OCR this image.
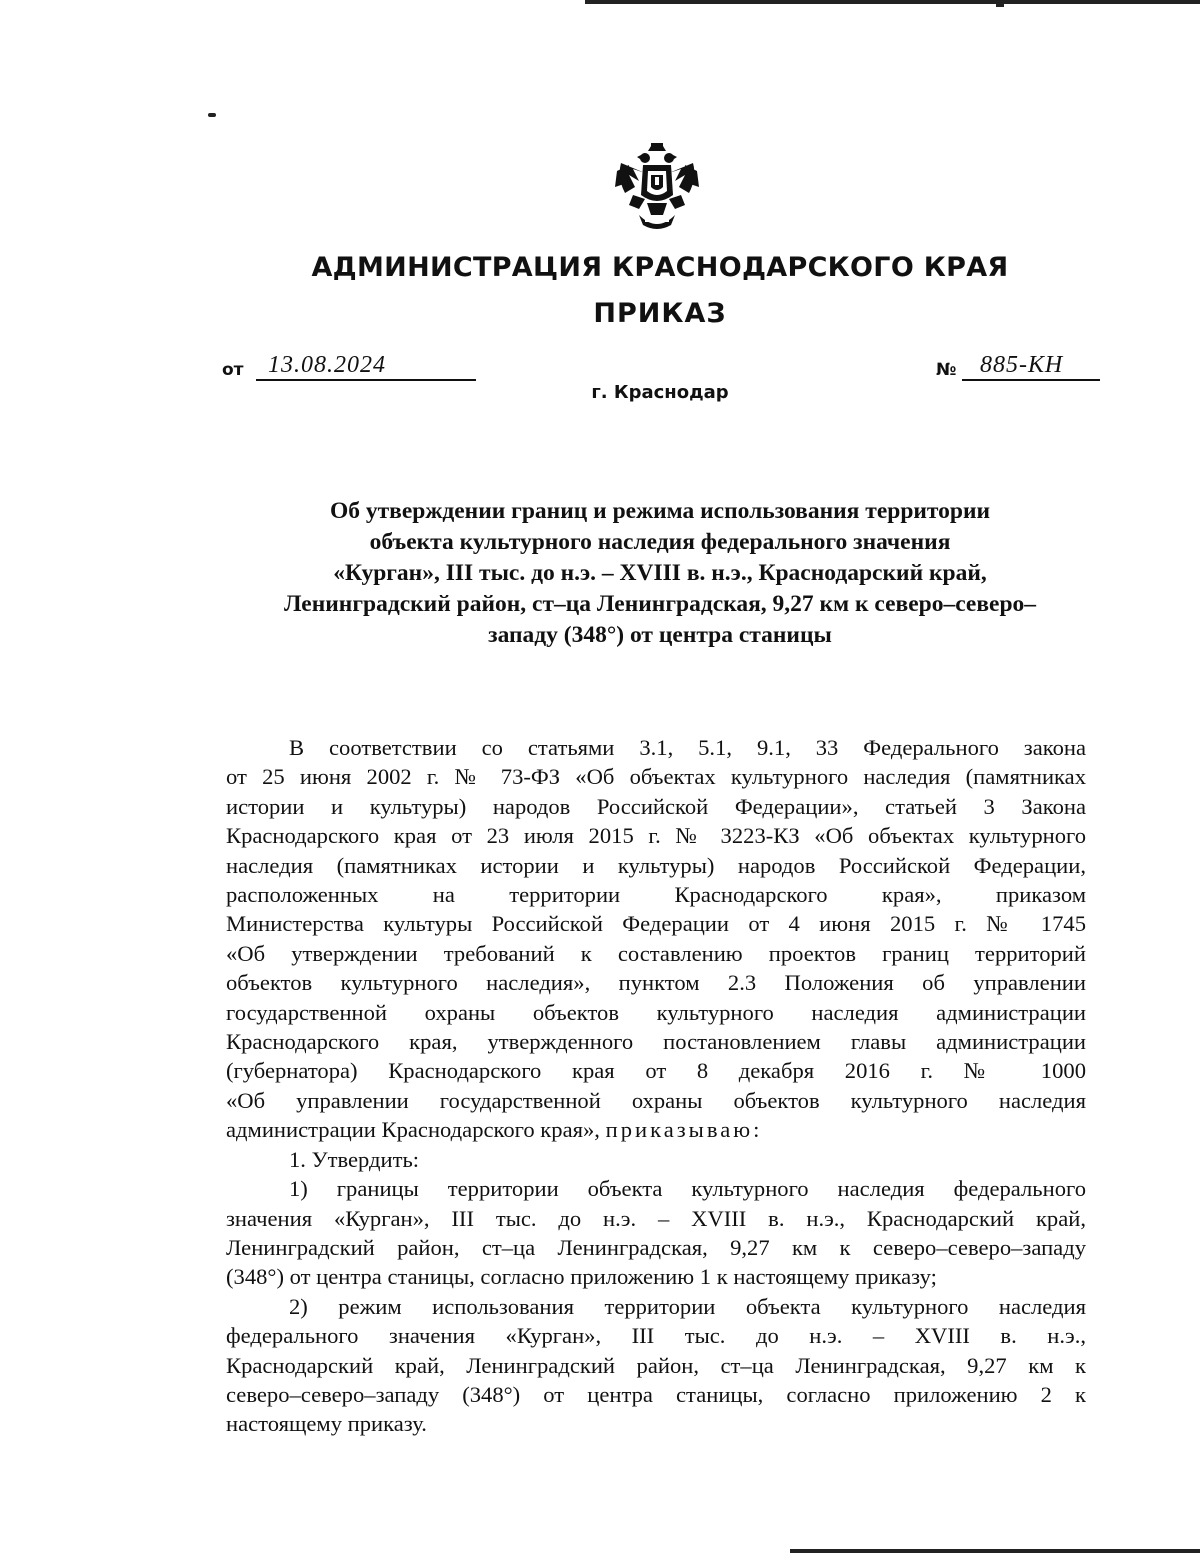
АДМИНИСТРАЦИЯ КРАСНОДАРСКОГО КРАЯ
ПРИКАЗ
от 13.08.2024	№ 885-КН
г. Краснодар
Об утверждении границ и режима использования территории
объекта культурного наследия федерального значения
«Курган», III тыс. до н.э. – XVIII в. н.э., Краснодарский край,
Ленинградский район, ст–ца Ленинградская, 9,27 км к северо–северо–
западу (348°) от центра станицы

В соответствии со статьями 3.1, 5.1, 9.1, 33 Федерального закона
от 25 июня 2002 г. № 73-ФЗ «Об объектах культурного наследия (памятниках
истории и культуры) народов Российской Федерации», статьей 3 Закона
Краснодарского края от 23 июля 2015 г. № 3223-КЗ «Об объектах культурного
наследия (памятниках истории и культуры) народов Российской Федерации,
расположенных на территории Краснодарского края», приказом
Министерства культуры Российской Федерации от 4 июня 2015 г. № 1745
«Об утверждении требований к составлению проектов границ территорий
объектов культурного наследия», пунктом 2.3 Положения об управлении
государственной охраны объектов культурного наследия администрации
Краснодарского края, утвержденного постановлением главы администрации
(губернатора) Краснодарского края от 8 декабря 2016 г. № 1000
«Об управлении государственной охраны объектов культурного наследия
администрации Краснодарского края», приказываю:

1. Утвердить:

1) границы территории объекта культурного наследия федерального
значения «Курган», III тыс. до н.э. – XVIII в. н.э., Краснодарский край,
Ленинградский район, ст–ца Ленинградская, 9,27 км к северо–северо–западу
(348°) от центра станицы, согласно приложению 1 к настоящему приказу;

2) режим использования территории объекта культурного наследия
федерального значения «Курган», III тыс. до н.э. – XVIII в. н.э.,
Краснодарский край, Ленинградский район, ст–ца Ленинградская, 9,27 км к
северо–северо–западу (348°) от центра станицы, согласно приложению 2 к
настоящему приказу.
